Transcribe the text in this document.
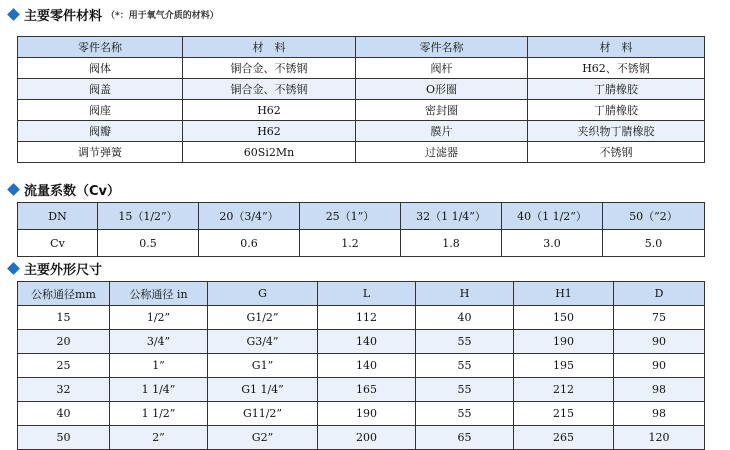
主要零件材料 （*：用于氧气介质的材料）
零件名称	材　料	零件名称	材　料
阀体	铜合金、不锈钢	阀杆	H62、不锈钢
阀盖	铜合金、不锈钢	O形圈	丁腈橡胶
阀座	H62	密封圈	丁腈橡胶
阀瓣	H62	膜片	夹织物丁腈橡胶
调节弹簧	60Si2Mn	过滤器	不锈钢
流量系数（Cv）
DN	15（1/2”）	20（3/4”）	25（1”）	32（1 1/4”）	40（1 1/2”）	50（”2）
Cv	0.5	0.6	1.2	1.8	3.0	5.0
主要外形尺寸
公称通径mm	公称通径 in	G	L	H	H1	D
15	1/2”	G1/2”	112	40	150	75
20	3/4”	G3/4”	140	55	190	90
25	1”	G1”	140	55	195	90
32	1 1/4”	G1 1/4”	165	55	212	98
40	1 1/2”	G11/2”	190	55	215	98
50	2”	G2”	200	65	265	120
